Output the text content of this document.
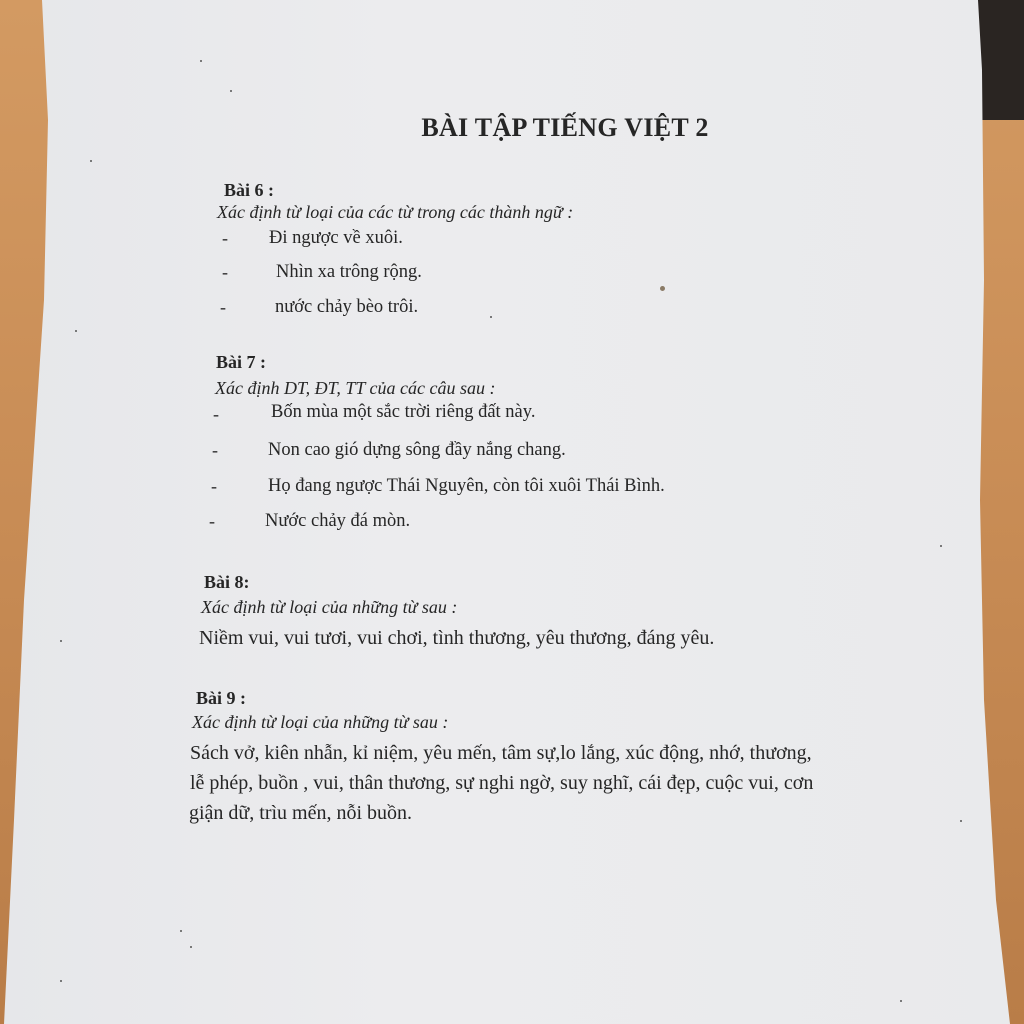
BÀI TẬP TIẾNG VIỆT 2
Bài 6 :
Xác định từ loại của các từ trong các thành ngữ :
- Đi ngược về xuôi.
-	Nhìn xa trông rộng.
-	nước chảy bèo trôi.
Bài 7 :
Xác định DT, ĐT, TT của các câu sau :
-	Bốn mùa một sắc trời riêng đất này.
-	Non cao gió dựng sông đầy nắng chang.
-	Họ đang ngược Thái Nguyên, còn tôi xuôi Thái Bình.
-	Nước chảy đá mòn.
Bài 8:
Xác định từ loại của những từ sau :
Niềm vui, vui tươi, vui chơi, tình thương, yêu thương, đáng yêu.
Bài 9 :
Xác định từ loại của những từ sau :
Sách vở, kiên nhẫn, kỉ niệm, yêu mến, tâm sự,lo lắng, xúc động, nhớ, thương,
lễ phép, buồn , vui, thân thương, sự nghi ngờ, suy nghĩ, cái đẹp, cuộc vui, cơn
giận dữ, trìu mến, nỗi buồn.
